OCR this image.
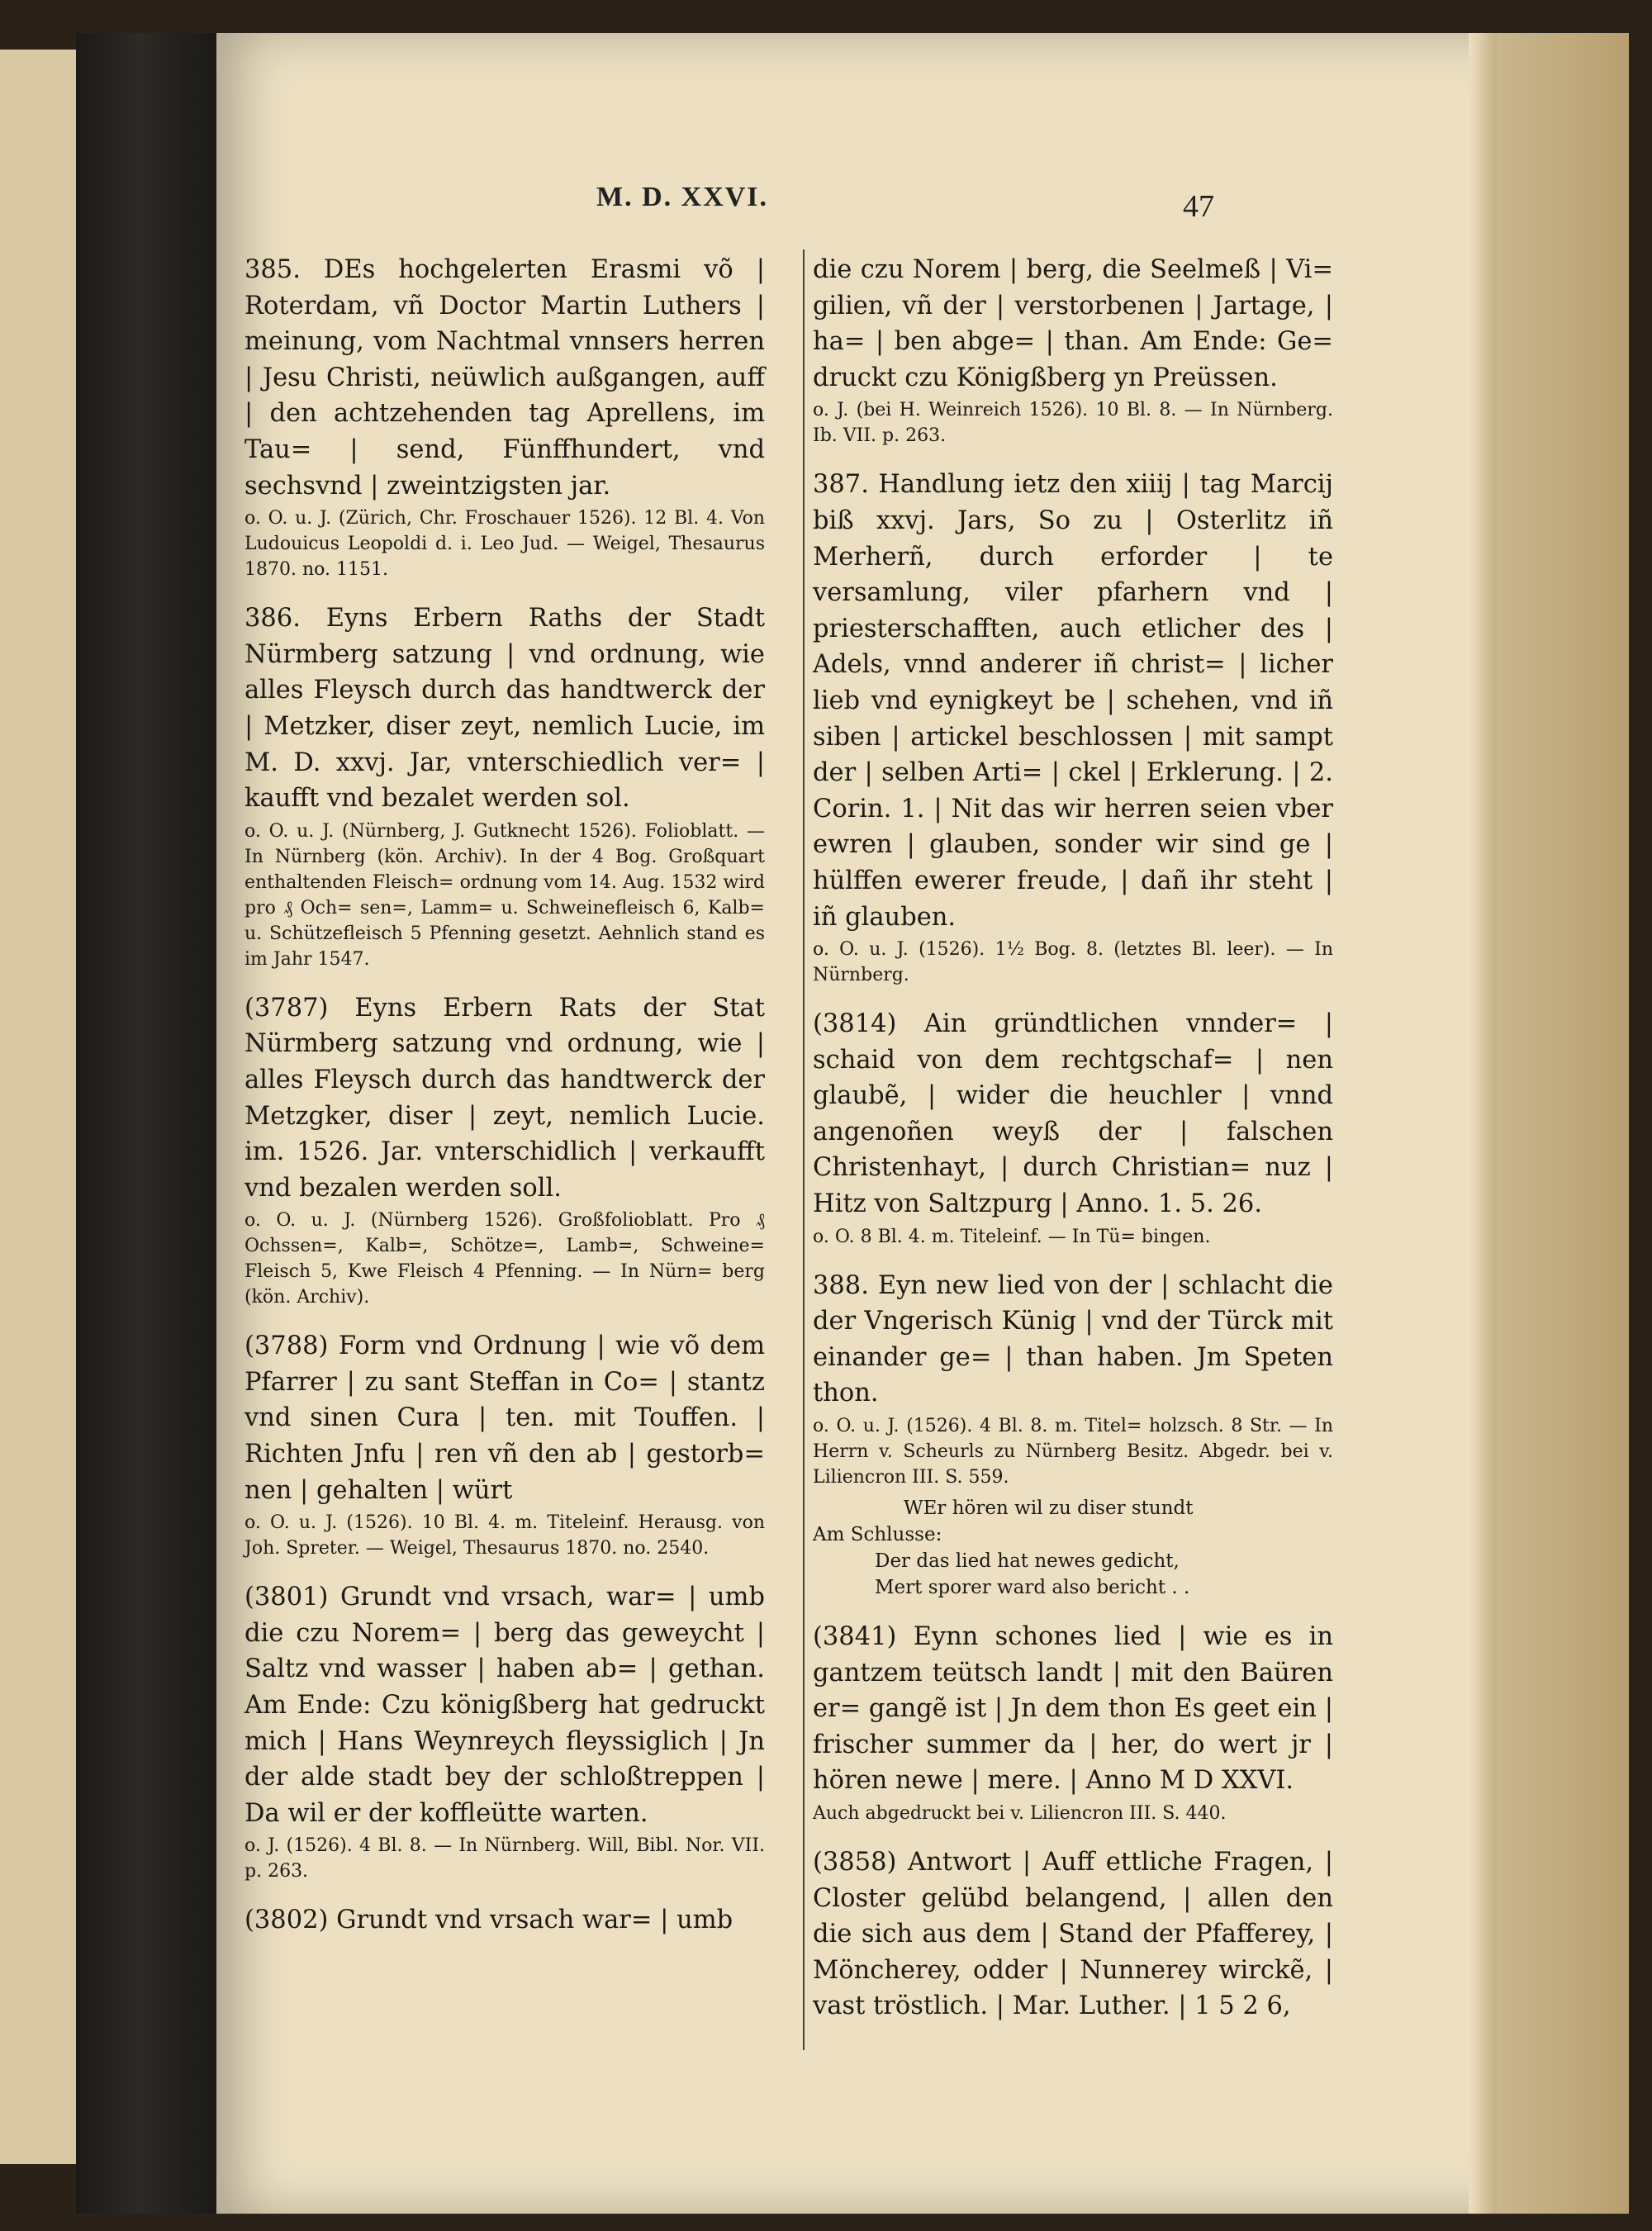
M. D. XXVI.	47

385. DEs hochgelerten Erasmi võ | Roterdam, vñ Doctor Martin Luthers | meinung, vom Nachtmal vnnsers herren | Jesu Christi, neüwlich außgangen, auff | den achtzehenden tag Aprellens, im Tau= | send, Fünffhundert, vnd sechsvnd | zweintzigsten jar.

o. O. u. J. (Zürich, Chr. Froschauer 1526). 12 Bl. 4. Von Ludouicus Leopoldi d. i. Leo Jud. — Weigel, Thesaurus 1870. no. 1151.

386. Eyns Erbern Raths der Stadt Nürmberg satzung | vnd ordnung, wie alles Fleysch durch das handtwerck der | Metzker, diser zeyt, nemlich Lucie, im M. D. xxvj. Jar, vnterschiedlich ver= | kaufft vnd bezalet werden sol.

o. O. u. J. (Nürnberg, J. Gutknecht 1526). Folioblatt. — In Nürnberg (kön. Archiv). In der 4 Bog. Großquart enthaltenden Fleisch= ordnung vom 14. Aug. 1532 wird pro ₰ Och= sen=, Lamm= u. Schweinefleisch 6, Kalb= u. Schützefleisch 5 Pfenning gesetzt. Aehnlich stand es im Jahr 1547.

(3787) Eyns Erbern Rats der Stat Nürmberg satzung vnd ordnung, wie | alles Fleysch durch das handtwerck der Metzgker, diser | zeyt, nemlich Lucie. im. 1526. Jar. vnterschidlich | verkaufft vnd bezalen werden soll.

o. O. u. J. (Nürnberg 1526). Großfolioblatt. Pro ₰ Ochssen=, Kalb=, Schötze=, Lamb=, Schweine= Fleisch 5, Kwe Fleisch 4 Pfenning. — In Nürn= berg (kön. Archiv).

(3788) Form vnd Ordnung | wie võ dem Pfarrer | zu sant Steffan in Co= | stantz vnd sinen Cura | ten. mit Touffen. | Richten Jnfu | ren vñ den ab | gestorb= nen | gehalten | würt

o. O. u. J. (1526). 10 Bl. 4. m. Titeleinf. Herausg. von Joh. Spreter. — Weigel, Thesaurus 1870. no. 2540.

(3801) Grundt vnd vrsach, war= | umb die czu Norem= | berg das geweycht | Saltz vnd wasser | haben ab= | gethan. Am Ende: Czu königßberg hat gedruckt mich | Hans Weynreych fleyssiglich | Jn der alde stadt bey der schloßtreppen | Da wil er der koffleütte warten.

o. J. (1526). 4 Bl. 8. — In Nürnberg. Will, Bibl. Nor. VII. p. 263.

(3802) Grundt vnd vrsach war= | umb

die czu Norem | berg, die Seelmeß | Vi= gilien, vñ der | verstorbenen | Jartage, | ha= | ben abge= | than. Am Ende: Ge= druckt czu Königßberg yn Preüssen.

o. J. (bei H. Weinreich 1526). 10 Bl. 8. — In Nürnberg. Ib. VII. p. 263.

387. Handlung ietz den xiiij | tag Marcij biß xxvj. Jars, So zu | Osterlitz iñ Merherñ, durch erforder | te versamlung, viler pfarhern vnd | priesterschafften, auch etlicher des | Adels, vnnd anderer iñ christ= | licher lieb vnd eynigkeyt be | schehen, vnd iñ siben | artickel beschlossen | mit sampt der | selben Arti= | ckel | Erklerung. | 2. Corin. 1. | Nit das wir herren seien vber ewren | glauben, sonder wir sind ge | hülffen ewerer freude, | dañ ihr steht | iñ glauben.

o. O. u. J. (1526). 1½ Bog. 8. (letztes Bl. leer). — In Nürnberg.

(3814) Ain gründtlichen vnnder= | schaid von dem rechtgschaf= | nen glaubẽ, | wider die heuchler | vnnd angenoñen weyß der | falschen Christenhayt, | durch Christian= nuz | Hitz von Saltzpurg | Anno. 1. 5. 26.

o. O. 8 Bl. 4. m. Titeleinf. — In Tü= bingen.

388. Eyn new lied von der | schlacht die der Vngerisch Künig | vnd der Türck mit einander ge= | than haben. Jm Speten thon.

o. O. u. J. (1526). 4 Bl. 8. m. Titel= holzsch. 8 Str. — In Herrn v. Scheurls zu Nürnberg Besitz. Abgedr. bei v. Liliencron III. S. 559.

WEr hören wil zu diser stundt

Am Schlusse:

Der das lied hat newes gedicht,

Mert sporer ward also bericht . .

(3841) Eynn schones lied | wie es in gantzem teütsch landt | mit den Baüren er= gangẽ ist | Jn dem thon Es geet ein | frischer summer da | her, do wert jr | hören newe | mere. | Anno M D XXVI.

Auch abgedruckt bei v. Liliencron III. S. 440.

(3858) Antwort | Auff ettliche Fragen, | Closter gelübd belangend, | allen den die sich aus dem | Stand der Pfafferey, | Möncherey, odder | Nunnerey wirckẽ, | vast tröstlich. | Mar. Luther. | 1 5 2 6,
